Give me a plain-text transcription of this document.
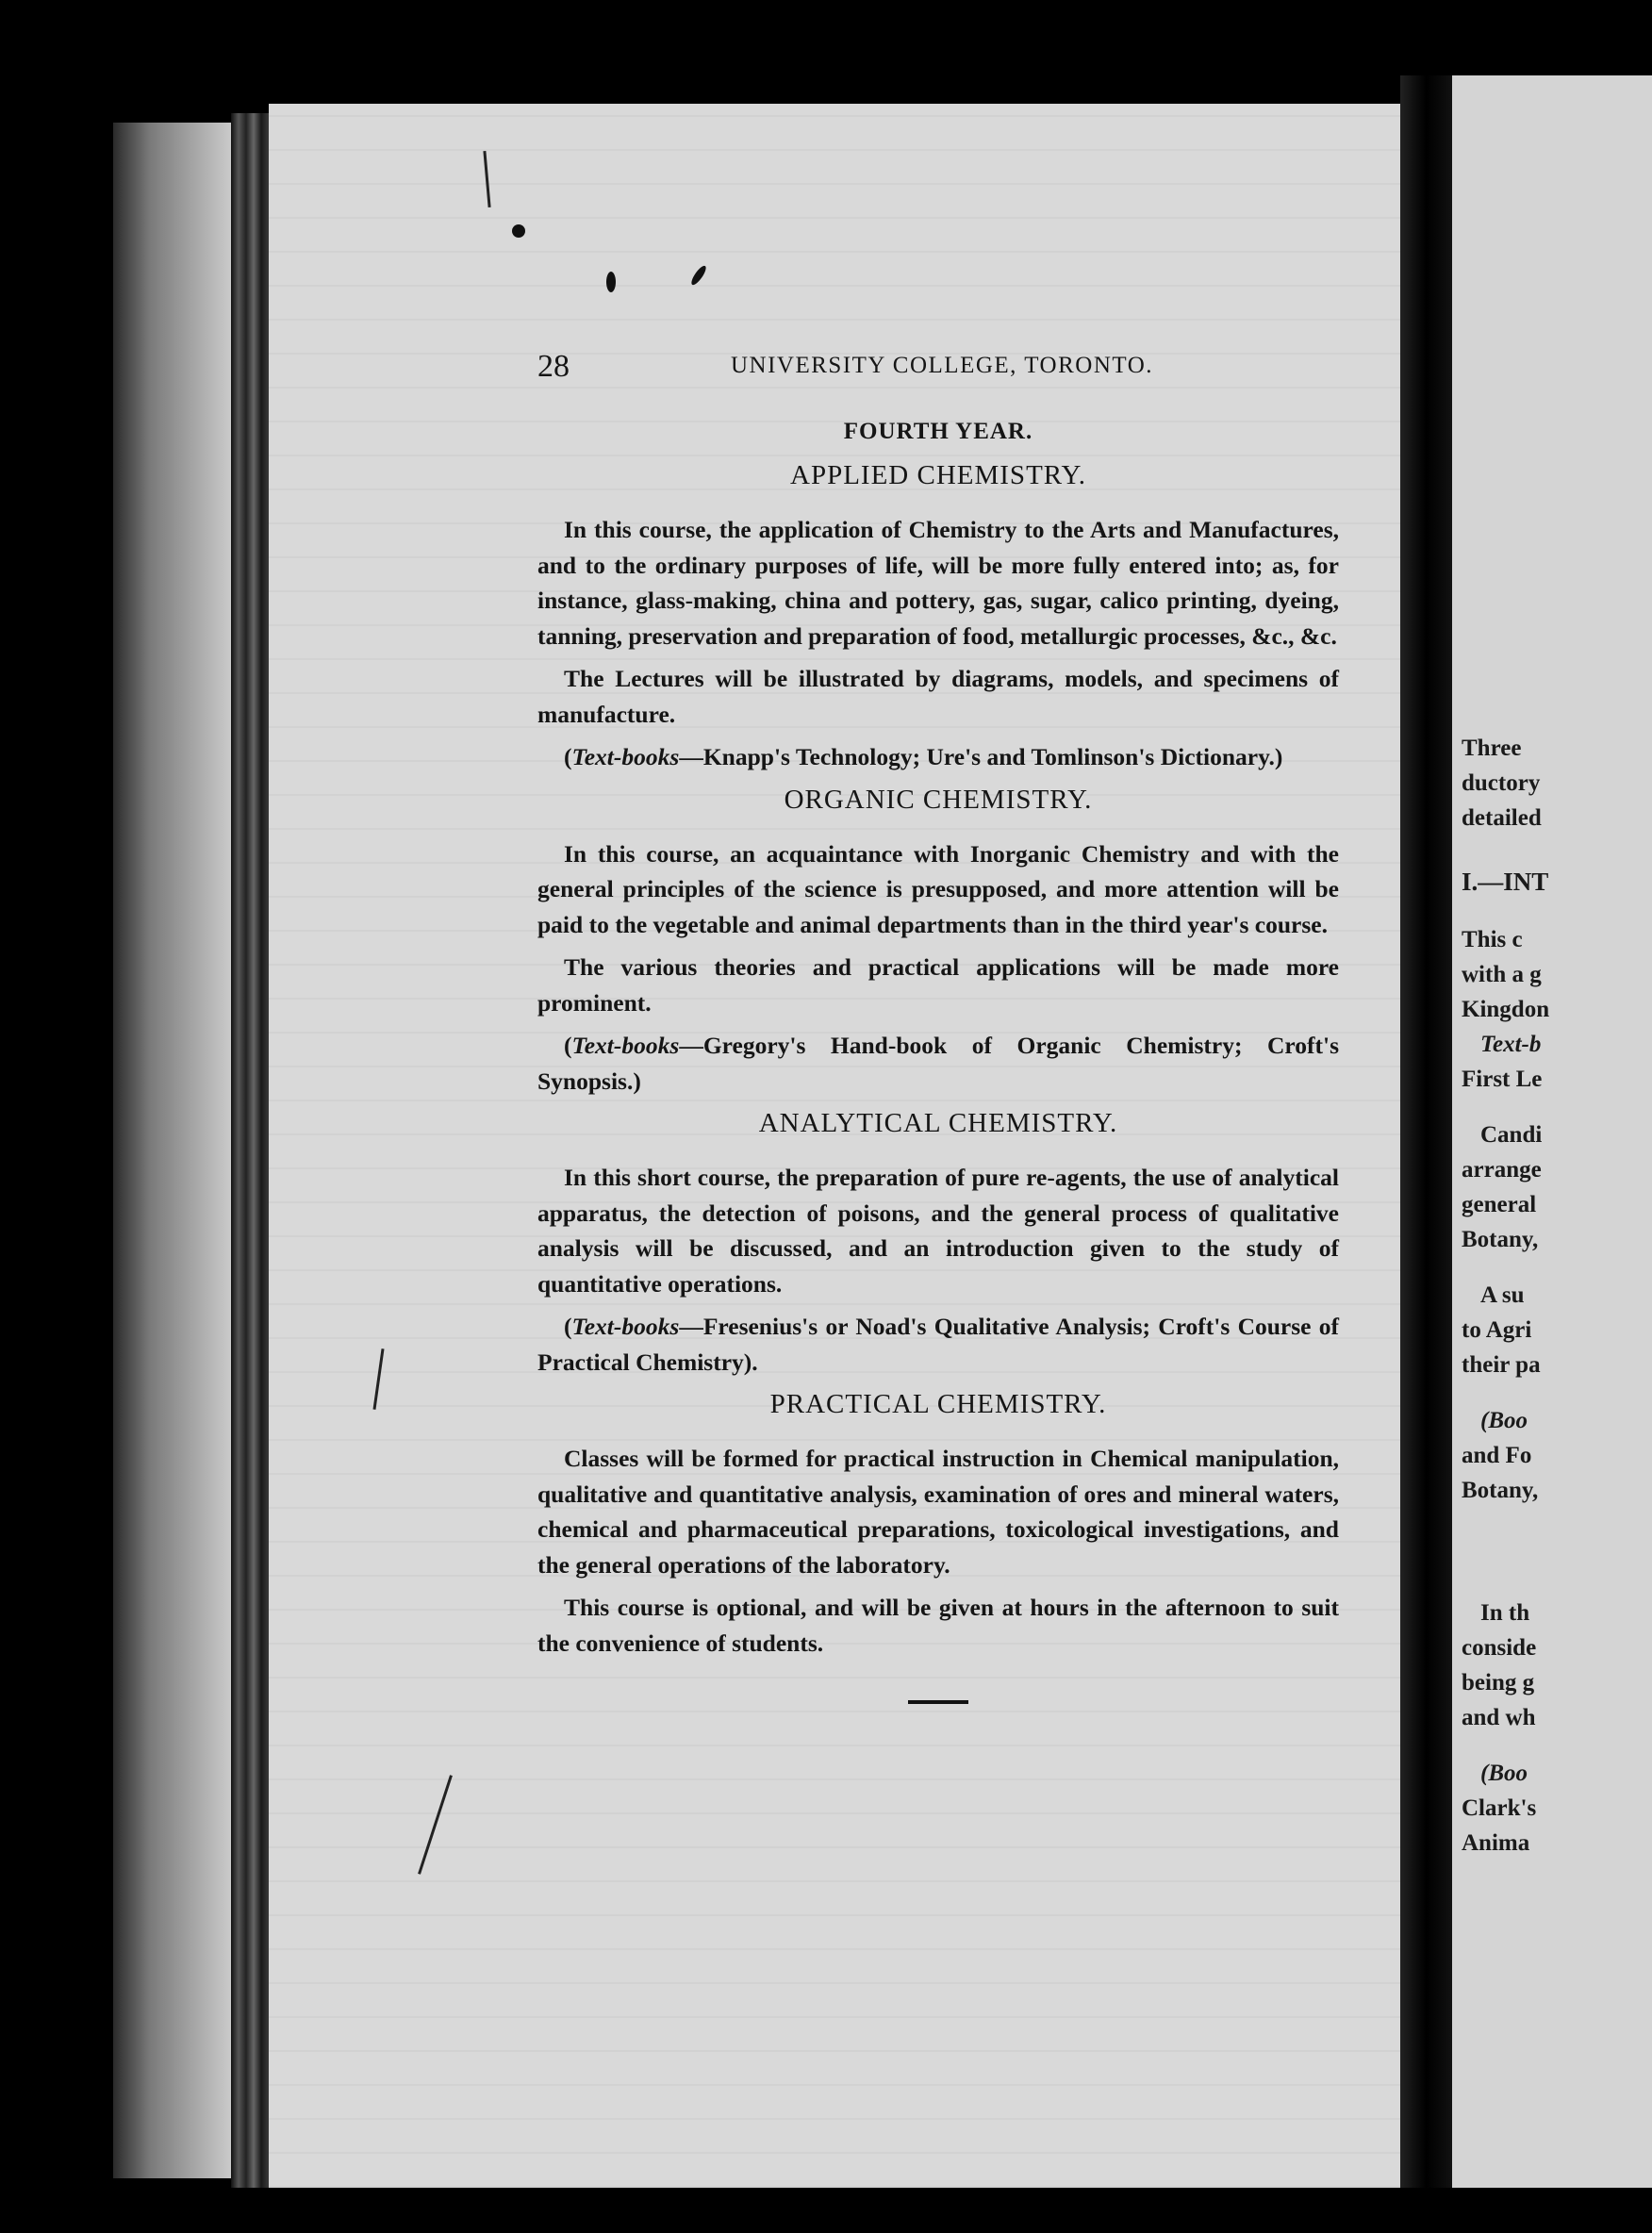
Three
ductory
detailed
I.—INT
This c
with a g
Kingdon
Text-b
First Le
Candi
arrange
general
Botany,
A su
to Agri
their pa
(Boo
and Fo
Botany,
In th
conside
being g
and wh
(Boo
Clark's
Anima
28	UNIVERSITY COLLEGE, TORONTO.
FOURTH YEAR.
APPLIED CHEMISTRY.

In this course, the application of Chemistry to the Arts and Manufactures, and to the ordinary purposes of life, will be more fully entered into; as, for instance, glass-making, china and pottery, gas, sugar, calico printing, dyeing, tanning, preservation and preparation of food, metallurgic processes, &c., &c.

The Lectures will be illustrated by diagrams, models, and specimens of manufacture.

(Text-books—Knapp's Technology; Ure's and Tomlinson's Dictionary.)

ORGANIC CHEMISTRY.

In this course, an acquaintance with Inorganic Chemistry and with the general principles of the science is presupposed, and more attention will be paid to the vegetable and animal departments than in the third year's course.

The various theories and practical applications will be made more prominent.

(Text-books—Gregory's Hand-book of Organic Chemistry; Croft's Synopsis.)

ANALYTICAL CHEMISTRY.

In this short course, the preparation of pure re-agents, the use of analytical apparatus, the detection of poisons, and the general process of qualitative analysis will be discussed, and an introduction given to the study of quantitative operations.

(Text-books—Fresenius's or Noad's Qualitative Analysis; Croft's Course of Practical Chemistry).

PRACTICAL CHEMISTRY.

Classes will be formed for practical instruction in Chemical manipulation, qualitative and quantitative analysis, examination of ores and mineral waters, chemical and pharmaceutical preparations, toxicological investigations, and the general operations of the laboratory.

This course is optional, and will be given at hours in the afternoon to suit the convenience of students.
